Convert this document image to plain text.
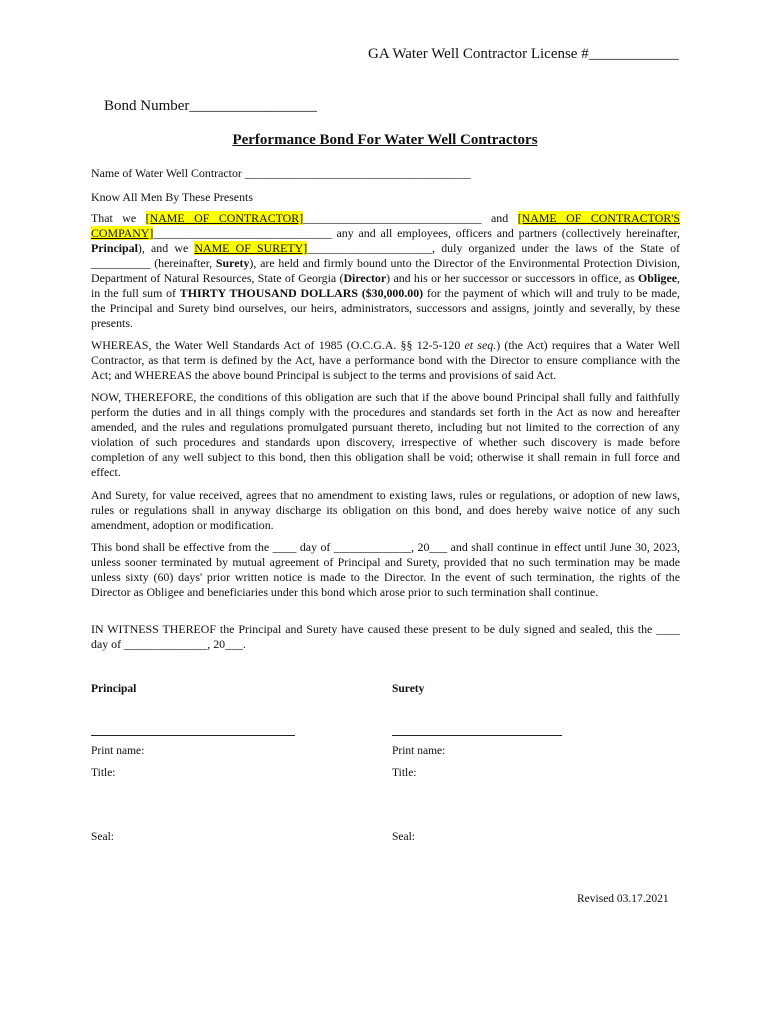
GA Water Well Contractor License #____________
Bond Number_________________
Performance Bond For Water Well Contractors

Name of Water Well Contractor ______________________________________

Know All Men By These Presents

That we [NAME OF CONTRACTOR]______________________________ and [NAME OF CONTRACTOR'S COMPANY]______________________________ any and all employees, officers and partners (collectively hereinafter, Principal), and we NAME OF SURETY]_____________________, duly organized under the laws of the State of __________ (hereinafter, Surety), are held and firmly bound unto the Director of the Environmental Protection Division, Department of Natural Resources, State of Georgia (Director) and his or her successor or successors in office, as Obligee, in the full sum of THIRTY THOUSAND DOLLARS ($30,000.00) for the payment of which will and truly to be made, the Principal and Surety bind ourselves, our heirs, administrators, successors and assigns, jointly and severally, by these presents.

WHEREAS, the Water Well Standards Act of 1985 (O.C.G.A. §§ 12-5-120 et seq.) (the Act) requires that a Water Well Contractor, as that term is defined by the Act, have a performance bond with the Director to ensure compliance with the Act; and WHEREAS the above bound Principal is subject to the terms and provisions of said Act.

NOW, THEREFORE, the conditions of this obligation are such that if the above bound Principal shall fully and faithfully perform the duties and in all things comply with the procedures and standards set forth in the Act as now and hereafter amended, and the rules and regulations promulgated pursuant thereto, including but not limited to the correction of any violation of such procedures and standards upon discovery, irrespective of whether such discovery is made before completion of any well subject to this bond, then this obligation shall be void; otherwise it shall remain in full force and effect.

And Surety, for value received, agrees that no amendment to existing laws, rules or regulations, or adoption of new laws, rules or regulations shall in anyway discharge its obligation on this bond, and does hereby waive notice of any such amendment, adoption or modification.

This bond shall be effective from the ____ day of _____________, 20___ and shall continue in effect until June 30, 2023, unless sooner terminated by mutual agreement of Principal and Surety, provided that no such termination may be made unless sixty (60) days' prior written notice is made to the Director. In the event of such termination, the rights of the Director as Obligee and beneficiaries under this bond which arose prior to such termination shall continue.

IN WITNESS THEREOF the Principal and Surety have caused these present to be duly signed and sealed, this the ____ day of ______________, 20___.

Principal	Surety
Print name:	Print name:
Title:	Title:
Seal:	Seal:
Revised 03.17.2021
